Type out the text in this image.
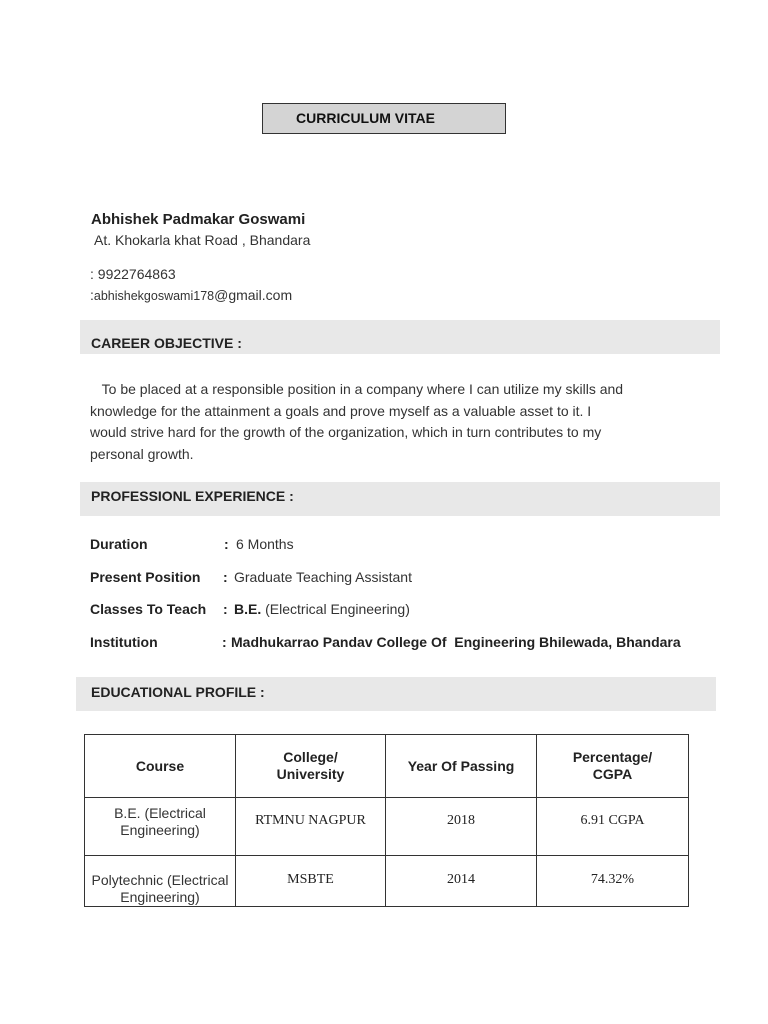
CURRICULUM VITAE
Abhishek Padmakar Goswami
At. Khokarla khat Road , Bhandara
: 9922764863
:abhishekgoswami178@gmail.com
CAREER OBJECTIVE :
To be placed at a responsible position in a company where I can utilize my skills and knowledge for the attainment a goals and prove myself as a valuable asset to it. I would strive hard for the growth of the organization, which in turn contributes to my personal growth.
PROFESSIONL EXPERIENCE :
Duration	: 6 Months
Present Position : Graduate Teaching Assistant
Classes To Teach : B.E. (Electrical Engineering)
Institution	: Madhukarrao Pandav College Of  Engineering Bhilewada, Bhandara
EDUCATIONAL PROFILE :
Course	College/ University	Year Of Passing	Percentage/ CGPA
B.E. (Electrical Engineering)	RTMNU NAGPUR	2018	6.91 CGPA
Polytechnic (Electrical Engineering)	MSBTE	2014	74.32%
